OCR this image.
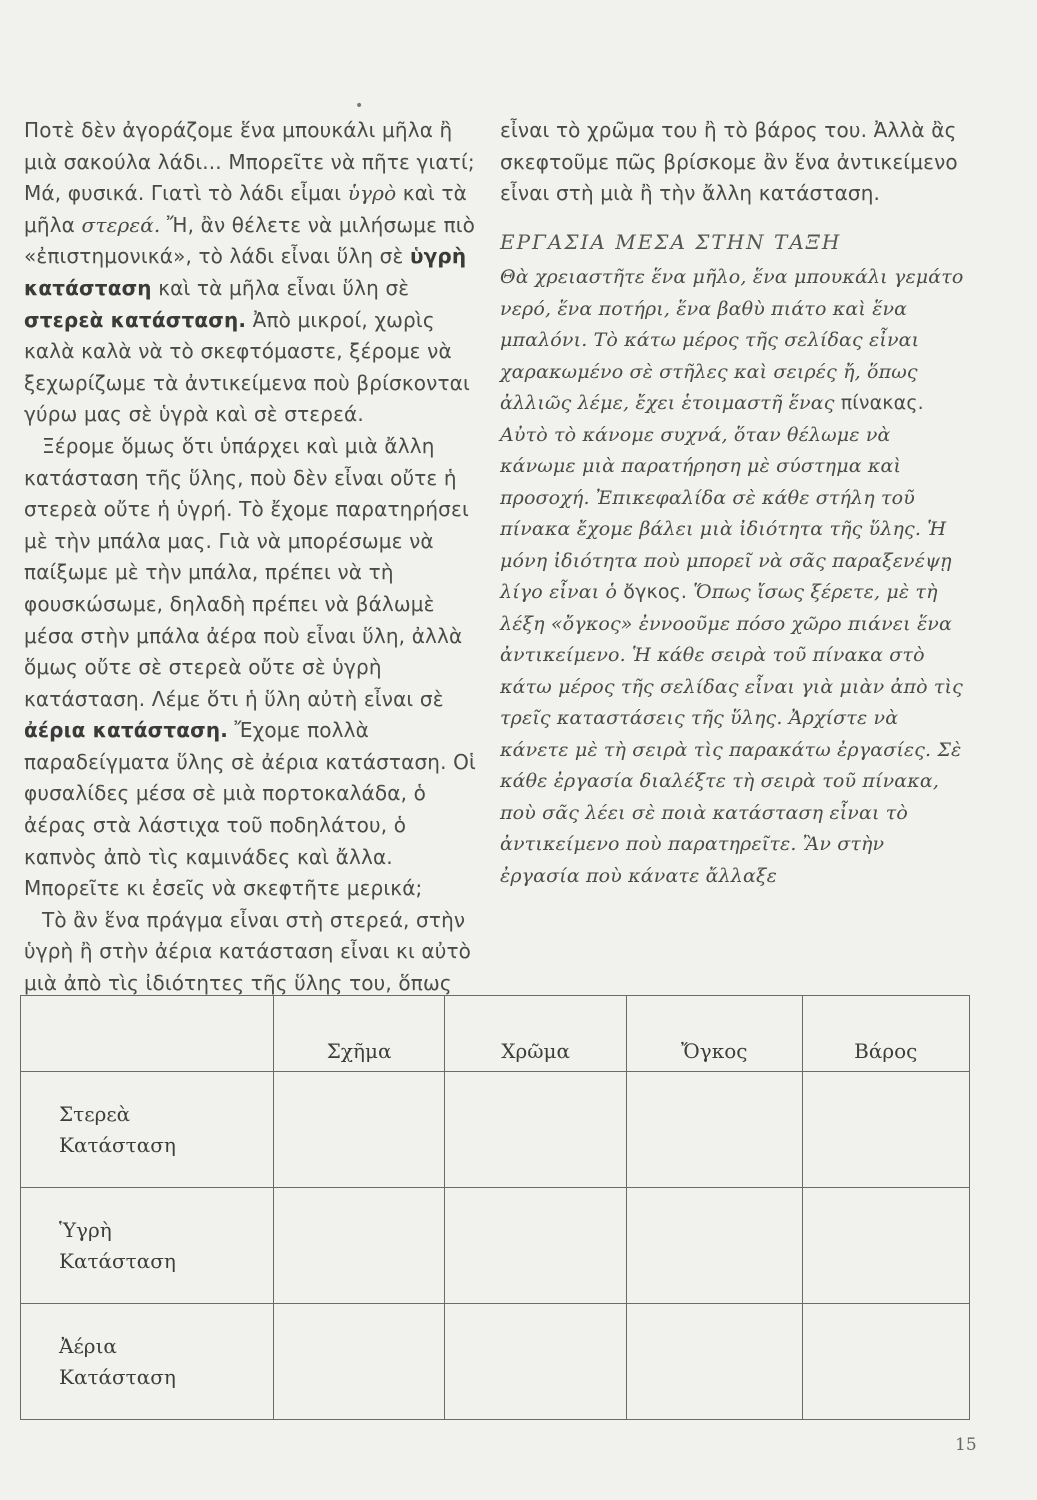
•

Ποτὲ δὲν ἀγοράζομε ἕνα μπουκάλι μῆλα ἢ μιὰ σακούλα λάδι... Μπορεῖτε νὰ πῆτε γιατί; Μά, φυσικά. Γιατὶ τὸ λάδι εἶμαι ὑγρὸ καὶ τὰ μῆλα στερεά. Ἤ, ἂν θέλετε νὰ μιλήσωμε πιὸ «ἐπιστημονικά», τὸ λάδι εἶναι ὕλη σὲ ὑγρὴ κατάσταση καὶ τὰ μῆλα εἶναι ὕλη σὲ στερεὰ κατάσταση. Ἀπὸ μικροί, χωρὶς καλὰ καλὰ νὰ τὸ σκεφτόμαστε, ξέρομε νὰ ξεχωρίζωμε τὰ ἀντικείμενα ποὺ βρίσκονται γύρω μας σὲ ὑγρὰ καὶ σὲ στερεά.

Ξέρομε ὅμως ὅτι ὑπάρχει καὶ μιὰ ἄλλη κατάσταση τῆς ὕλης, ποὺ δὲν εἶναι οὔτε ἡ στερεὰ οὔτε ἡ ὑγρή. Τὸ ἔχομε παρατηρήσει μὲ τὴν μπάλα μας. Γιὰ νὰ μπορέσωμε νὰ παίξωμε μὲ τὴν μπάλα, πρέπει νὰ τὴ φουσκώσωμε, δηλαδὴ πρέπει νὰ βάλωμὲ μέσα στὴν μπάλα ἀέρα ποὺ εἶναι ὕλη, ἀλλὰ ὅμως οὔτε σὲ στερεὰ οὔτε σὲ ὑγρὴ κατάσταση. Λέμε ὅτι ἡ ὕλη αὐτὴ εἶναι σὲ ἀέρια κατάσταση. Ἔχομε πολλὰ παραδείγματα ὕλης σὲ ἀέρια κατάσταση. Οἱ φυσαλίδες μέσα σὲ μιὰ πορτοκαλάδα, ὁ ἀέρας στὰ λάστιχα τοῦ ποδηλάτου, ὁ καπνὸς ἀπὸ τὶς καμινάδες καὶ ἄλλα. Μπορεῖτε κι ἐσεῖς νὰ σκεφτῆτε μερικά;

Τὸ ἂν ἕνα πράγμα εἶναι στὴ στερεά, στὴν ὑγρὴ ἢ στὴν ἀέρια κατάσταση εἶναι κι αὐτὸ μιὰ ἀπὸ τὶς ἰδιότητες τῆς ὕλης του, ὅπως

εἶναι τὸ χρῶμα του ἢ τὸ βάρος του. Ἀλλὰ ἂς σκεφτοῦμε πῶς βρίσκομε ἂν ἕνα ἀντικείμενο εἶναι στὴ μιὰ ἢ τὴν ἄλλη κατάσταση.

ΕΡΓΑΣΙΑ ΜΕΣΑ ΣΤΗΝ ΤΑΞΗ
Θὰ χρειαστῆτε ἕνα μῆλο, ἕνα μπουκάλι γεμάτο νερό, ἕνα ποτήρι, ἕνα βαθὺ πιάτο καὶ ἕνα μπαλόνι. Τὸ κάτω μέρος τῆς σελίδας εἶναι χαρακωμένο σὲ στῆλες καὶ σειρές ἤ, ὅπως ἀλλιῶς λέμε, ἔχει ἑτοιμαστῆ ἕνας πίνακας. Αὐτὸ τὸ κάνομε συχνά, ὅταν θέλωμε νὰ κάνωμε μιὰ παρατήρηση μὲ σύστημα καὶ προσοχή. Ἐπικεφαλίδα σὲ κάθε στήλη τοῦ πίνακα ἔχομε βάλει μιὰ ἰδιότητα τῆς ὕλης. Ἡ μόνη ἰδιότητα ποὺ μπορεῖ νὰ σᾶς παραξενέψῃ λίγο εἶναι ὁ ὄγκος. Ὅπως ἴσως ξέρετε, μὲ τὴ λέξη «ὄγκος» ἐννοοῦμε πόσο χῶρο πιάνει ἕνα ἀντικείμενο. Ἡ κάθε σειρὰ τοῦ πίνακα στὸ κάτω μέρος τῆς σελίδας εἶναι γιὰ μιὰν ἀπὸ τὶς τρεῖς καταστάσεις τῆς ὕλης. Ἀρχίστε νὰ κάνετε μὲ τὴ σειρὰ τὶς παρακάτω ἐργασίες. Σὲ κάθε ἐργασία διαλέξτε τὴ σειρὰ τοῦ πίνακα, ποὺ σᾶς λέει σὲ ποιὰ κατάσταση εἶναι τὸ ἀντικείμενο ποὺ παρατηρεῖτε. Ἂν στὴν ἐργασία ποὺ κάνατε ἄλλαξε
	Σχῆμα	Χρῶμα	Ὄγκος	Βάρος
Στερεὰ
Κατάσταση				
Ὑγρὴ
Κατάσταση				
Ἀέρια
Κατάσταση				
15
